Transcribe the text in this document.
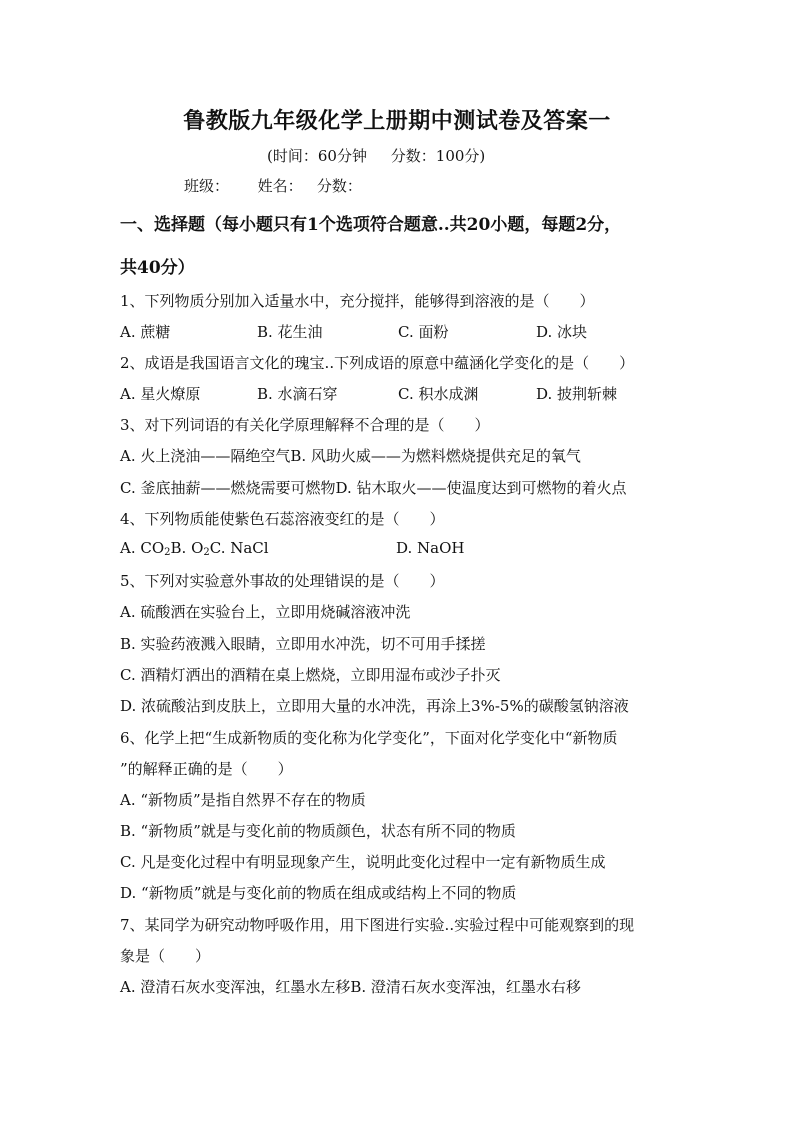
鲁教版九年级化学上册期中测试卷及答案一
(时间：60分钟     分数：100分)
班级：      姓名：   分数：
一、选择题（每小题只有1个选项符合题意..共20小题，每题2分，
共40分）
1、下列物质分别加入适量水中，充分搅拌，能够得到溶液的是（　　）
A. 蔗糖	B. 花生油	C. 面粉	D. 冰块
2、成语是我国语言文化的瑰宝..下列成语的原意中蕴涵化学变化的是（　　）
A. 星火燎原	B. 水滴石穿	C. 积水成渊	D. 披荆斩棘
3、对下列词语的有关化学原理解释不合理的是（　　）
A. 火上浇油——隔绝空气B. 风助火威——为燃料燃烧提供充足的氧气
C. 釜底抽薪——燃烧需要可燃物D. 钻木取火——使温度达到可燃物的着火点
4、下列物质能使紫色石蕊溶液变红的是（　　）
A. $CO_2B$. $O_2C$. NaCl	D. NaOH
5、下列对实验意外事故的处理错误的是（　　）
A. 硫酸洒在实验台上，立即用烧碱溶液冲洗
B. 实验药液溅入眼睛，立即用水冲洗，切不可用手揉搓
C. 酒精灯洒出的酒精在桌上燃烧，立即用湿布或沙子扑灭
D. 浓硫酸沾到皮肤上，立即用大量的水冲洗，再涂上3%-5%的碳酸氢钠溶液
6、化学上把“生成新物质的变化称为化学变化”，下面对化学变化中“新物质
”的解释正确的是（　　）
A. “新物质”是指自然界不存在的物质
B. “新物质”就是与变化前的物质颜色，状态有所不同的物质
C. 凡是变化过程中有明显现象产生，说明此变化过程中一定有新物质生成
D. “新物质”就是与变化前的物质在组成或结构上不同的物质
7、某同学为研究动物呼吸作用，用下图进行实验..实验过程中可能观察到的现
象是（　　）
A. 澄清石灰水变浑浊，红墨水左移B. 澄清石灰水变浑浊，红墨水右移
